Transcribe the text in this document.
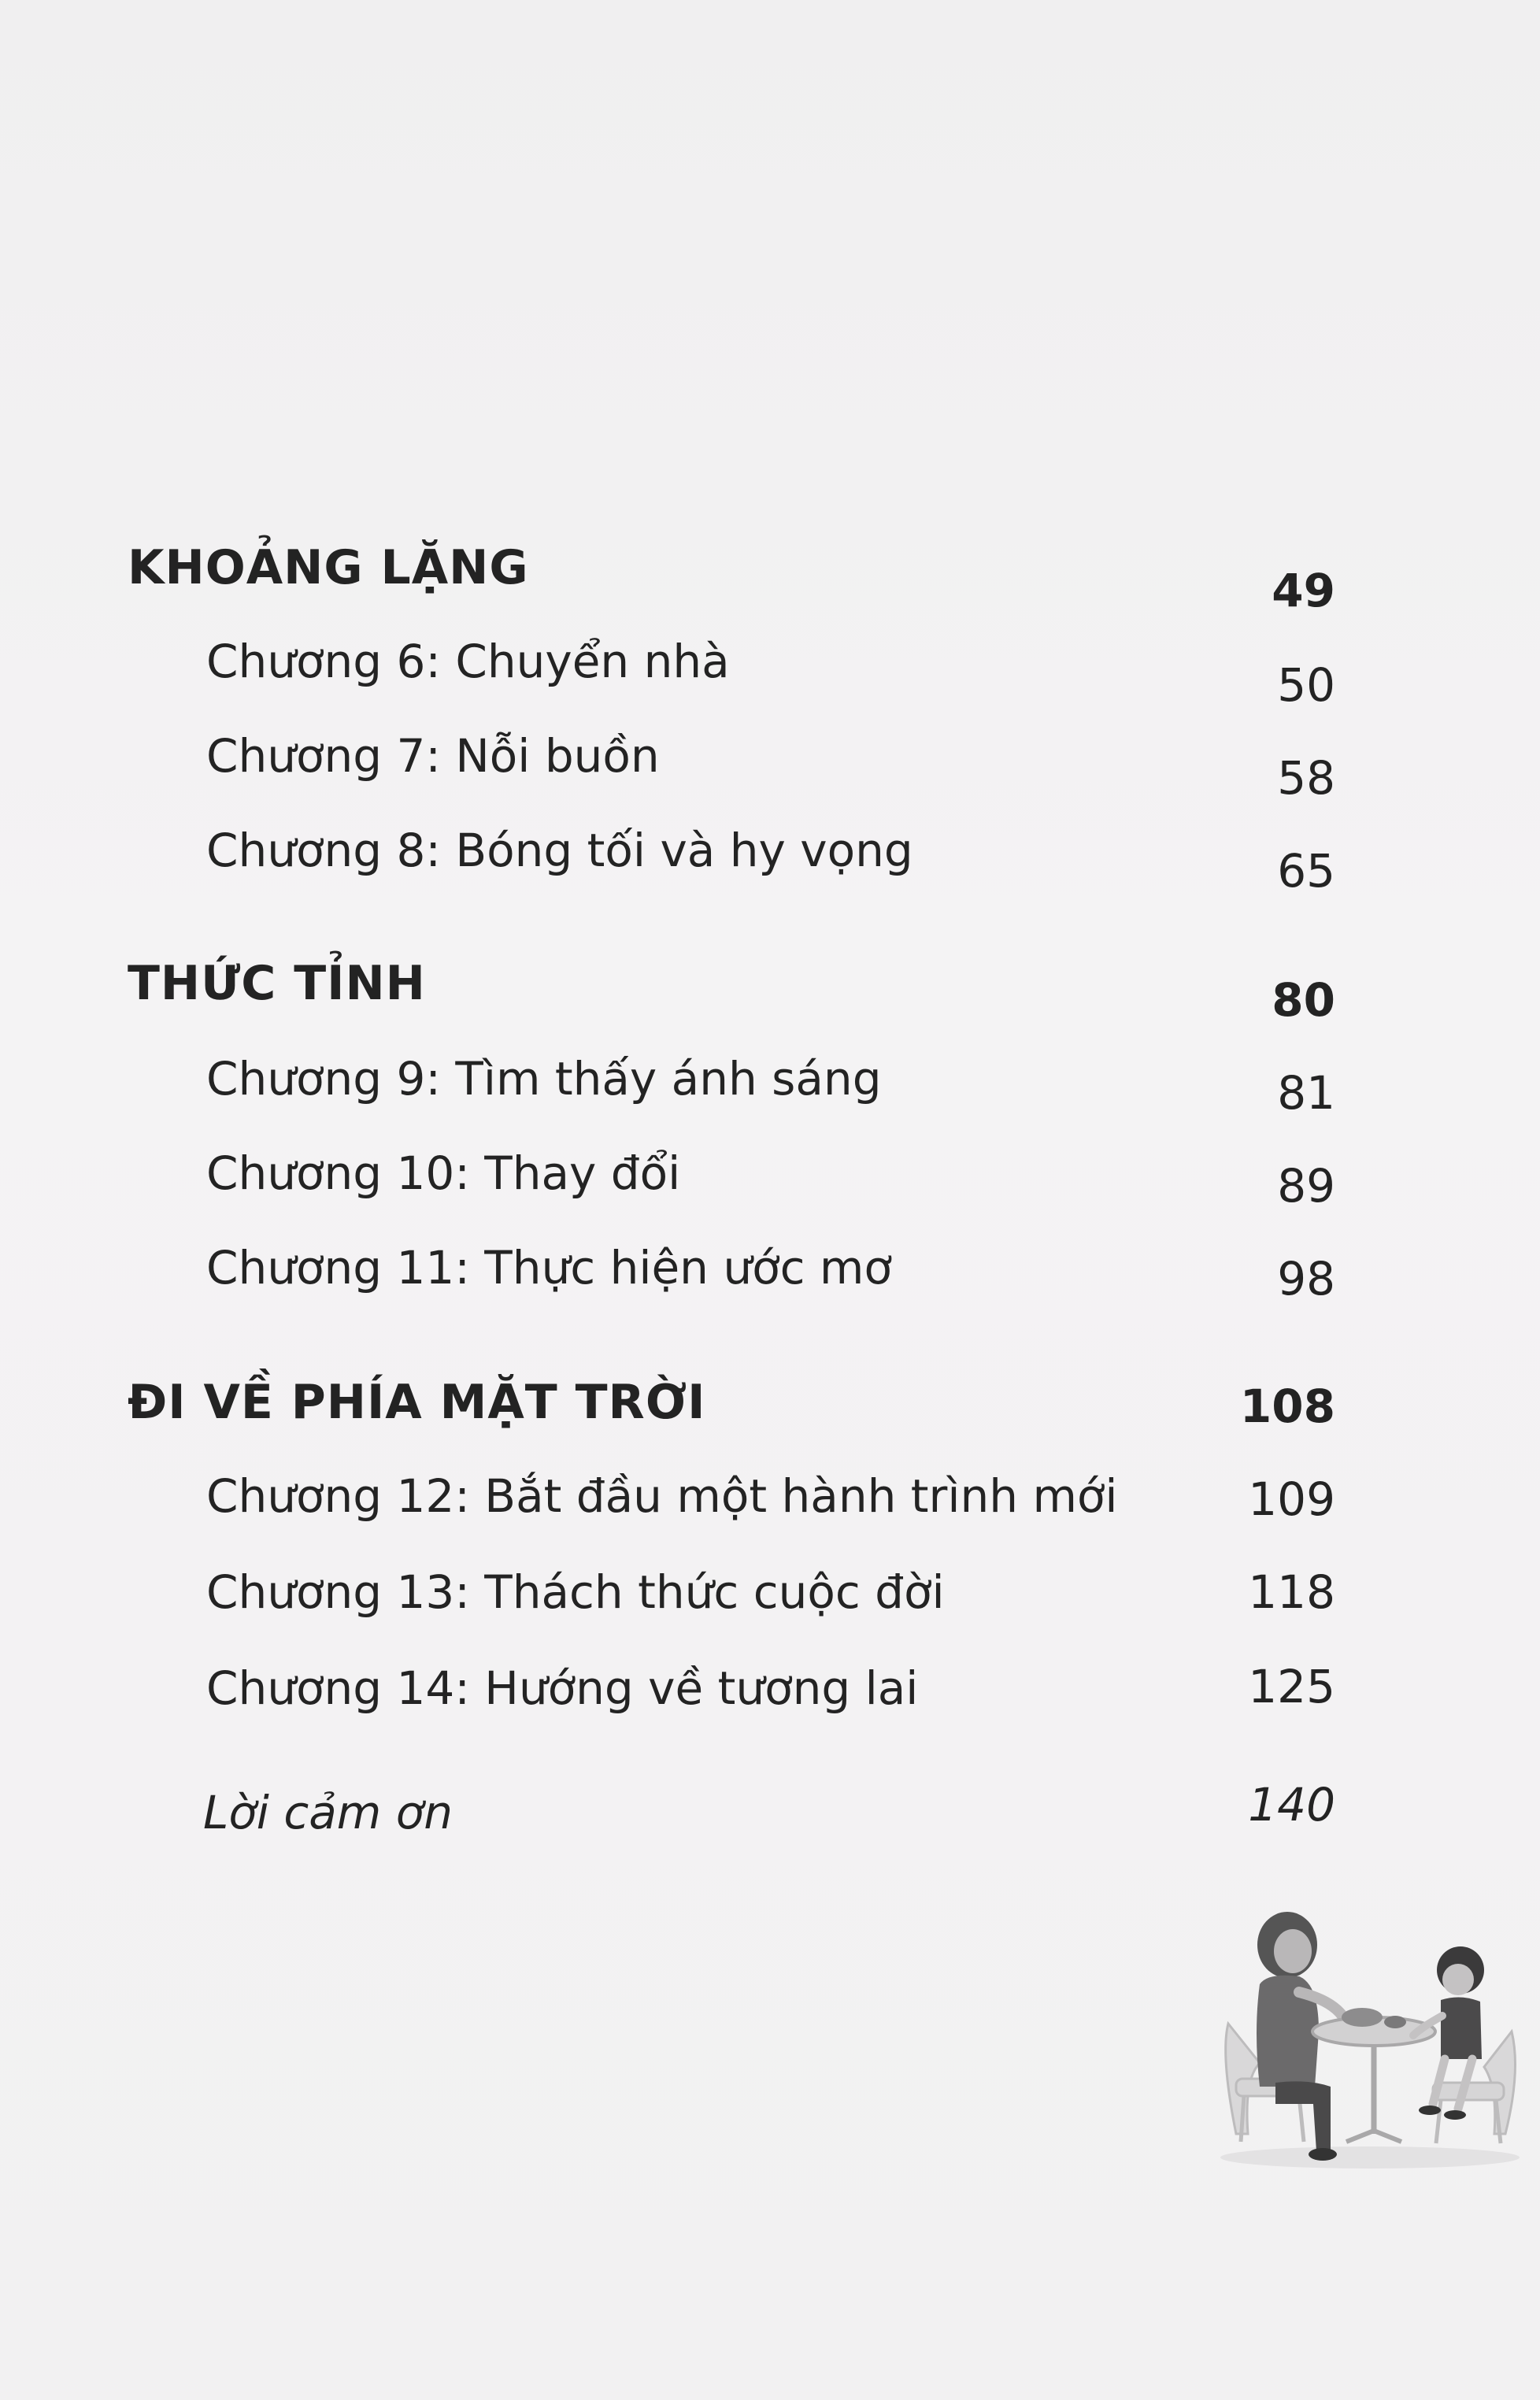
KHOẢNG LẶNG	49
Chương 6: Chuyển nhà	50
Chương 7: Nỗi buồn	58
Chương 8: Bóng tối và hy vọng	65
THỨC TỈNH	80
Chương 9: Tìm thấy ánh sáng	81
Chương 10: Thay đổi	89
Chương 11: Thực hiện ước mơ	98
ĐI VỀ PHÍA MẶT TRỜI	108
Chương 12: Bắt đầu một hành trình mới	109
Chương 13: Thách thức cuộc đời	118
Chương 14: Hướng về tương lai	125
Lời cảm ơn	140
